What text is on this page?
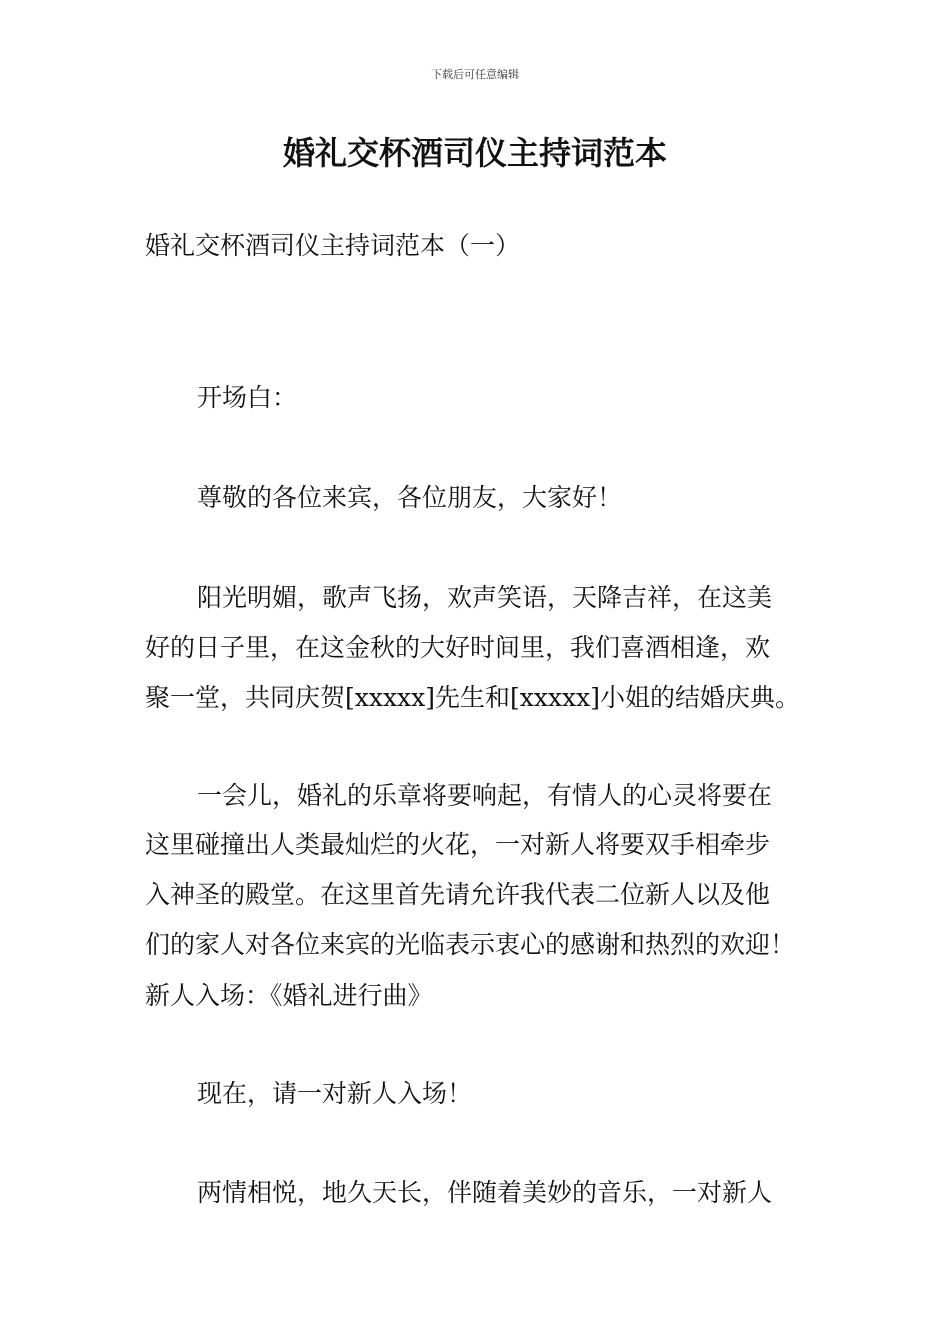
下载后可任意编辑
婚礼交杯酒司仪主持词范本
婚礼交杯酒司仪主持词范本（一）
开场白：
尊敬的各位来宾，各位朋友，大家好！
阳光明媚，歌声飞扬，欢声笑语，天降吉祥，在这美
好的日子里，在这金秋的大好时间里，我们喜酒相逢，欢
聚一堂，共同庆贺[xxxxx]先生和[xxxxx]小姐的结婚庆典。
一会儿，婚礼的乐章将要响起，有情人的心灵将要在
这里碰撞出人类最灿烂的火花，一对新人将要双手相牵步
入神圣的殿堂。在这里首先请允许我代表二位新人以及他
们的家人对各位来宾的光临表示衷心的感谢和热烈的欢迎！
新人入场：《婚礼进行曲》
现在，请一对新人入场！
两情相悦，地久天长，伴随着美妙的音乐，一对新人
